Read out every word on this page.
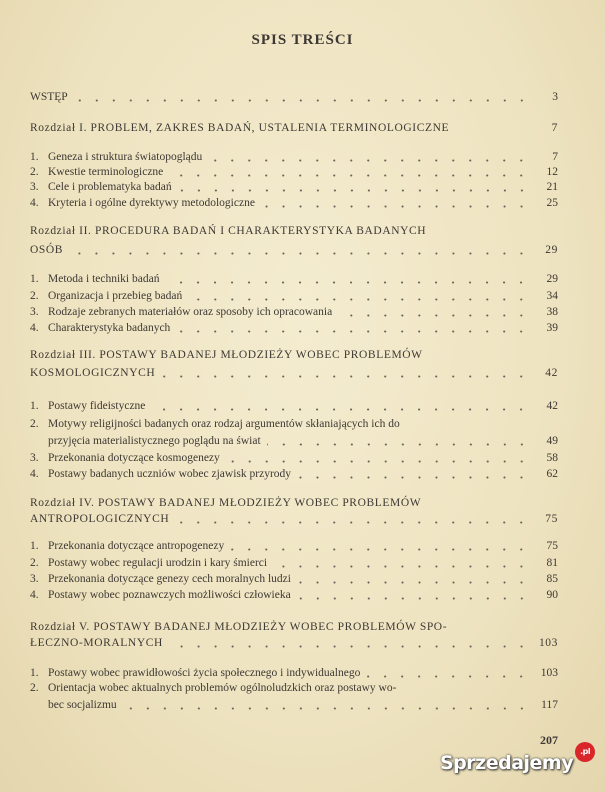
SPIS TREŚCI
WSTĘP	3
Rozdział I. PROBLEM, ZAKRES BADAŃ, USTALENIA TERMINOLOGICZNE	7
1. Geneza i struktura światopoglądu	7
2. Kwestie terminologiczne	12
3. Cele i problematyka badań	21
4. Kryteria i ogólne dyrektywy metodologiczne	25
Rozdział II. PROCEDURA BADAŃ I CHARAKTERYSTYKA BADANYCH
OSÓB	29
1. Metoda i techniki badań	29
2. Organizacja i przebieg badań	34
3. Rodzaje zebranych materiałów oraz sposoby ich opracowania	38
4. Charakterystyka badanych	39
Rozdział III. POSTAWY BADANEJ MŁODZIEŻY WOBEC PROBLEMÓW
KOSMOLOGICZNYCH	42
1. Postawy fideistyczne	42
2. Motywy religijności badanych oraz rodzaj argumentów skłaniających ich do
przyjęcia materialistycznego poglądu na świat	49
3. Przekonania dotyczące kosmogenezy	58
4. Postawy badanych uczniów wobec zjawisk przyrody	62
Rozdział IV. POSTAWY BADANEJ MŁODZIEŻY WOBEC PROBLEMÓW
ANTROPOLOGICZNYCH	75
1. Przekonania dotyczące antropogenezy	75
2. Postawy wobec regulacji urodzin i kary śmierci	81
3. Przekonania dotyczące genezy cech moralnych ludzi	85
4. Postawy wobec poznawczych możliwości człowieka	90
Rozdział V. POSTAWY BADANEJ MŁODZIEŻY WOBEC PROBLEMÓW SPO-
ŁECZNO-MORALNYCH	103
1. Postawy wobec prawidłowości życia społecznego i indywidualnego	103
2. Orientacja wobec aktualnych problemów ogólnoludzkich oraz postawy wo-
bec socjalizmu	117
207
Sprzedajemy
.pl
